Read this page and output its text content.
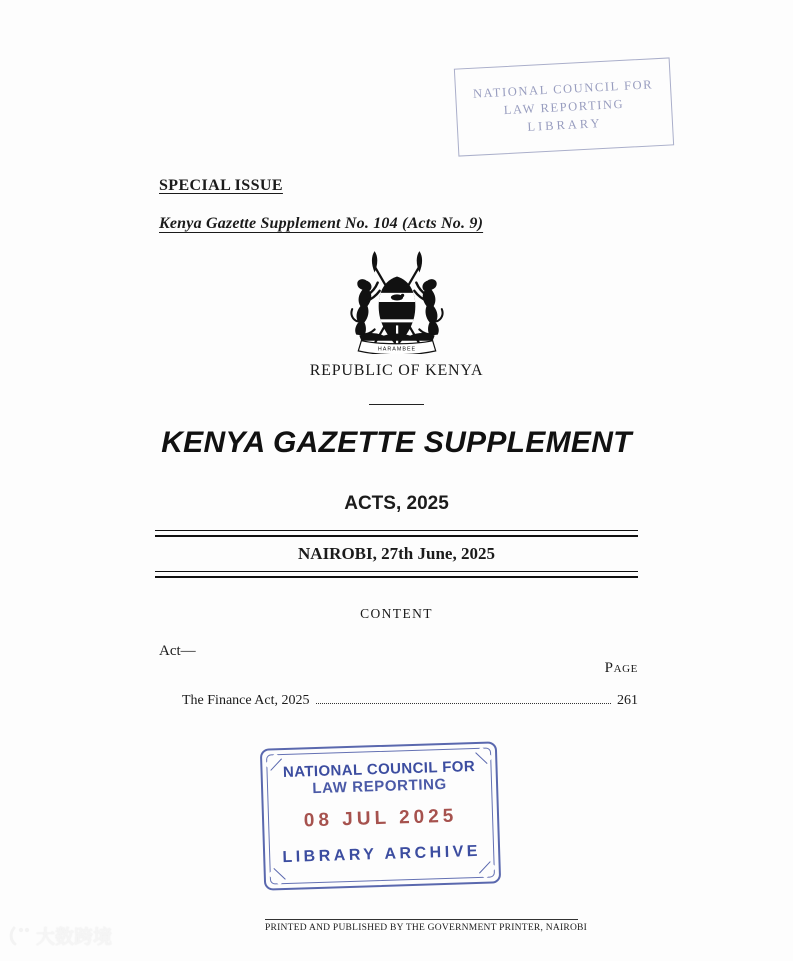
NATIONAL COUNCIL FOR
LAW REPORTING
LIBRARY
SPECIAL ISSUE
Kenya Gazette Supplement No. 104 (Acts No. 9)
HARAMBEE
REPUBLIC OF KENYA
KENYA GAZETTE SUPPLEMENT
ACTS, 2025
NAIROBI, 27th June, 2025
CONTENT
Act—
Page
The Finance Act, 2025	261
NATIONAL COUNCIL FOR
LAW REPORTING
08 JUL 2025
LIBRARY ARCHIVE
PRINTED AND PUBLISHED BY THE GOVERNMENT PRINTER, NAIROBI
大数跨境
